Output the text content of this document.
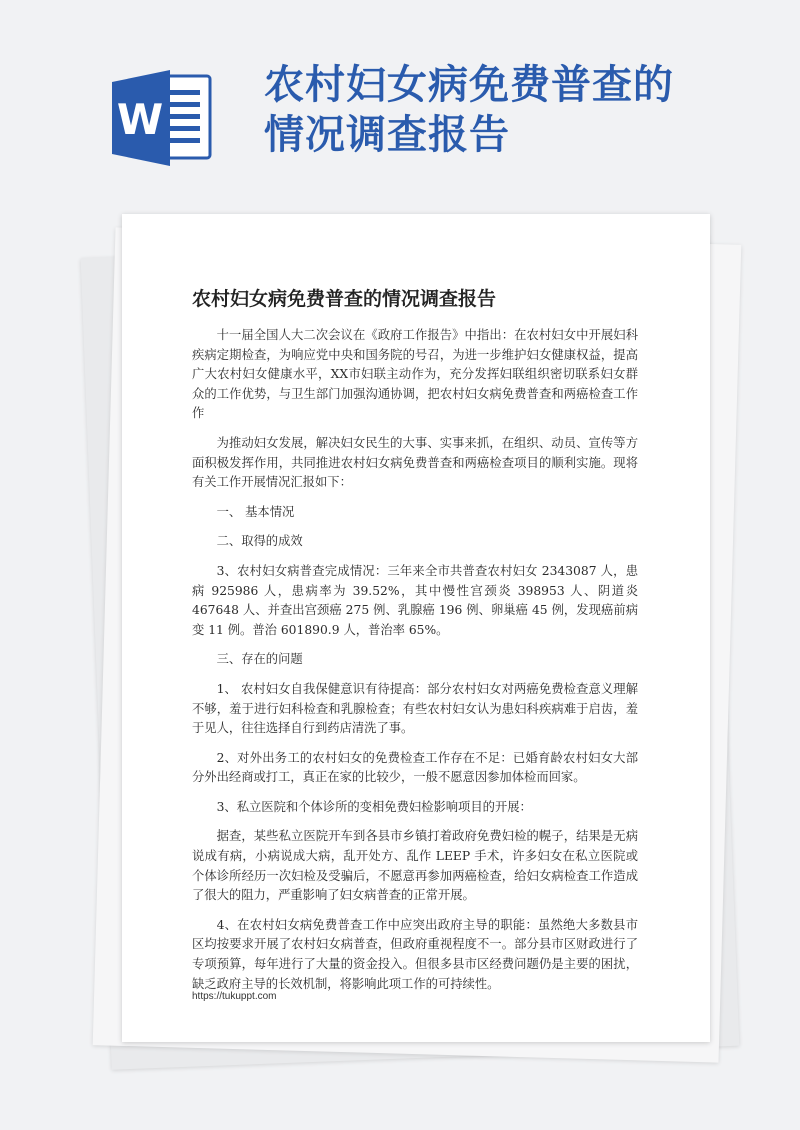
W
农村妇女病免费普查的
情况调查报告
农村妇女病免费普查的情况调查报告

十一届全国人大二次会议在《政府工作报告》中指出：在农村妇女中开展妇科疾病定期检查，为响应党中央和国务院的号召，为进一步维护妇女健康权益，提高广大农村妇女健康水平，XX市妇联主动作为，充分发挥妇联组织密切联系妇女群众的工作优势，与卫生部门加强沟通协调，把农村妇女病免费普查和两癌检查工作作

为推动妇女发展，解决妇女民生的大事、实事来抓，在组织、动员、宣传等方面积极发挥作用，共同推进农村妇女病免费普查和两癌检查项目的顺利实施。现将有关工作开展情况汇报如下：

一、 基本情况

二、取得的成效

3、农村妇女病普查完成情况：三年来全市共普查农村妇女 2343087 人，患病 925986 人，患病率为 39.52%，其中慢性宫颈炎 398953 人、阴道炎 467648 人、并查出宫颈癌 275 例、乳腺癌 196 例、卵巢癌 45 例，发现癌前病变 11 例。普治 601890.9 人，普治率 65%。

三、存在的问题

1、 农村妇女自我保健意识有待提高：部分农村妇女对两癌免费检查意义理解不够，羞于进行妇科检查和乳腺检查；有些农村妇女认为患妇科疾病难于启齿，羞于见人，往往选择自行到药店清洗了事。

2、对外出务工的农村妇女的免费检查工作存在不足：已婚育龄农村妇女大部分外出经商或打工，真正在家的比较少，一般不愿意因参加体检而回家。

3、私立医院和个体诊所的变相免费妇检影响项目的开展：

据查，某些私立医院开车到各县市乡镇打着政府免费妇检的幌子，结果是无病说成有病，小病说成大病，乱开处方、乱作 LEEP 手术，许多妇女在私立医院或个体诊所经历一次妇检及受骗后，不愿意再参加两癌检查，给妇女病检查工作造成了很大的阻力，严重影响了妇女病普查的正常开展。

4、在农村妇女病免费普查工作中应突出政府主导的职能：虽然绝大多数县市区均按要求开展了农村妇女病普查，但政府重视程度不一。部分县市区财政进行了专项预算，每年进行了大量的资金投入。但很多县市区经费问题仍是主要的困扰，缺乏政府主导的长效机制，将影响此项工作的可持续性。

https://tukuppt.com
